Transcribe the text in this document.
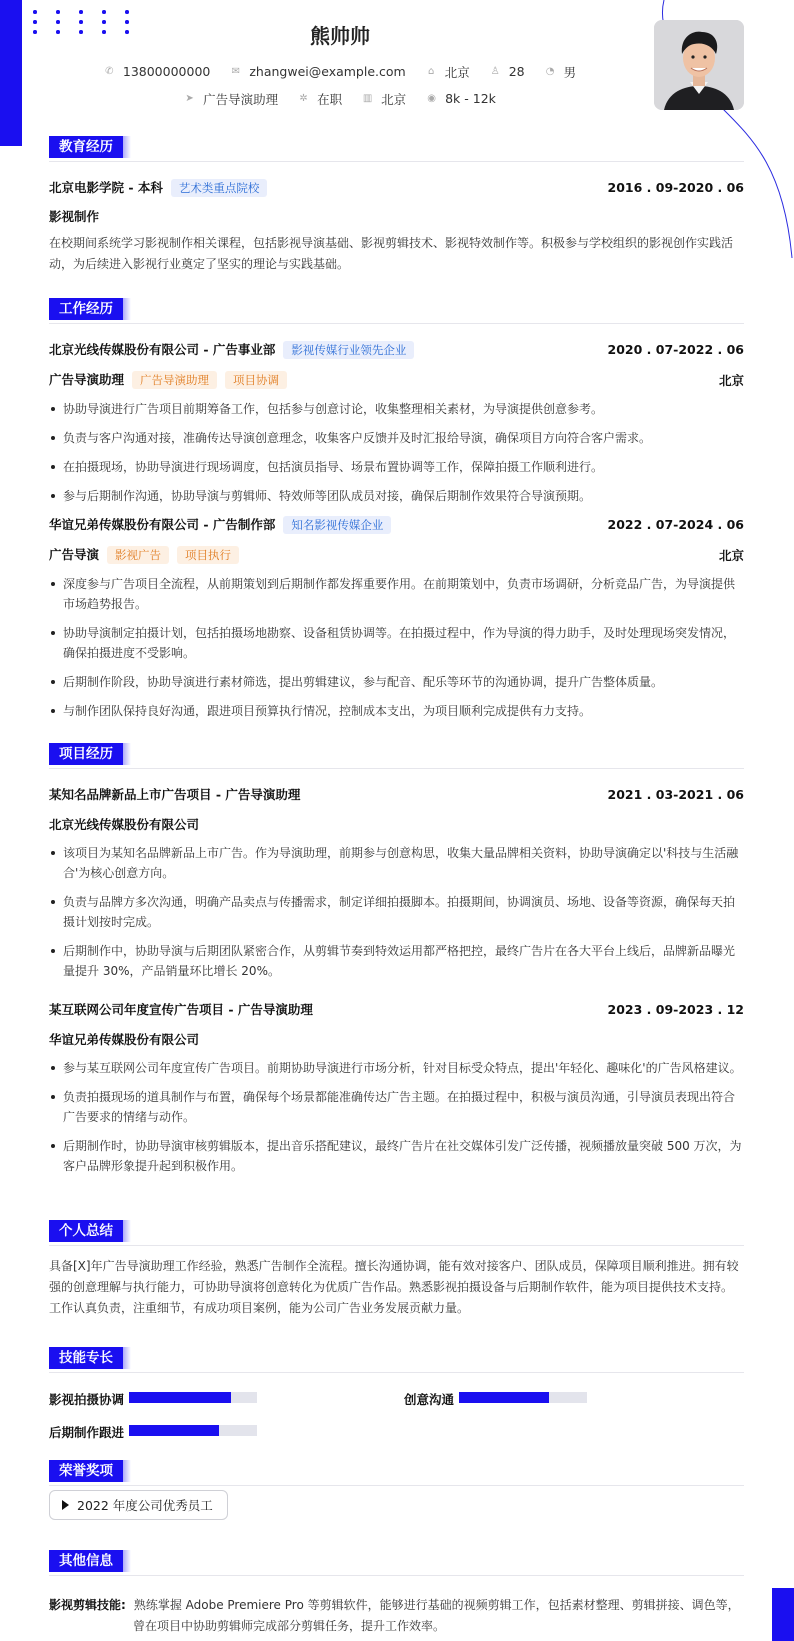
熊帅帅
✆ 13800000000
✉ zhangwei@example.com
⌂ 北京
♙ 28
◔ 男
➤ 广告导演助理
✲ 在职
▥ 北京
◉ 8k - 12k
教育经历
北京电影学院 - 本科 艺术类重点院校	2016 . 09-2020 . 06
影视制作
在校期间系统学习影视制作相关课程，包括影视导演基础、影视剪辑技术、影视特效制作等。积极参与学校组织的影视创作实践活动，为后续进入影视行业奠定了坚实的理论与实践基础。
工作经历
北京光线传媒股份有限公司 - 广告事业部 影视传媒行业领先企业	2020 . 07-2022 . 06
广告导演助理 广告导演助理 项目协调	北京
协助导演进行广告项目前期筹备工作，包括参与创意讨论，收集整理相关素材，为导演提供创意参考。
负责与客户沟通对接，准确传达导演创意理念，收集客户反馈并及时汇报给导演，确保项目方向符合客户需求。
在拍摄现场，协助导演进行现场调度，包括演员指导、场景布置协调等工作，保障拍摄工作顺利进行。
参与后期制作沟通，协助导演与剪辑师、特效师等团队成员对接，确保后期制作效果符合导演预期。
华谊兄弟传媒股份有限公司 - 广告制作部 知名影视传媒企业	2022 . 07-2024 . 06
广告导演 影视广告 项目执行	北京
深度参与广告项目全流程，从前期策划到后期制作都发挥重要作用。在前期策划中，负责市场调研，分析竞品广告，为导演提供市场趋势报告。
协助导演制定拍摄计划，包括拍摄场地勘察、设备租赁协调等。在拍摄过程中，作为导演的得力助手，及时处理现场突发情况，确保拍摄进度不受影响。
后期制作阶段，协助导演进行素材筛选，提出剪辑建议，参与配音、配乐等环节的沟通协调，提升广告整体质量。
与制作团队保持良好沟通，跟进项目预算执行情况，控制成本支出，为项目顺利完成提供有力支持。
项目经历
某知名品牌新品上市广告项目 - 广告导演助理	2021 . 03-2021 . 06
北京光线传媒股份有限公司
该项目为某知名品牌新品上市广告。作为导演助理，前期参与创意构思，收集大量品牌相关资料，协助导演确定以'科技与生活融合'为核心创意方向。
负责与品牌方多次沟通，明确产品卖点与传播需求，制定详细拍摄脚本。拍摄期间，协调演员、场地、设备等资源，确保每天拍摄计划按时完成。
后期制作中，协助导演与后期团队紧密合作，从剪辑节奏到特效运用都严格把控，最终广告片在各大平台上线后，品牌新品曝光量提升 30%，产品销量环比增长 20%。
某互联网公司年度宣传广告项目 - 广告导演助理	2023 . 09-2023 . 12
华谊兄弟传媒股份有限公司
参与某互联网公司年度宣传广告项目。前期协助导演进行市场分析，针对目标受众特点，提出'年轻化、趣味化'的广告风格建议。
负责拍摄现场的道具制作与布置，确保每个场景都能准确传达广告主题。在拍摄过程中，积极与演员沟通，引导演员表现出符合广告要求的情绪与动作。
后期制作时，协助导演审核剪辑版本，提出音乐搭配建议，最终广告片在社交媒体引发广泛传播，视频播放量突破 500 万次，为客户品牌形象提升起到积极作用。
个人总结
具备[X]年广告导演助理工作经验，熟悉广告制作全流程。擅长沟通协调，能有效对接客户、团队成员，保障项目顺利推进。拥有较强的创意理解与执行能力，可协助导演将创意转化为优质广告作品。熟悉影视拍摄设备与后期制作软件，能为项目提供技术支持。工作认真负责，注重细节，有成功项目案例，能为公司广告业务发展贡献力量。
技能专长
影视拍摄协调	创意沟通
后期制作跟进
荣誉奖项
2022 年度公司优秀员工
其他信息
影视剪辑技能: 熟练掌握 Adobe Premiere Pro 等剪辑软件，能够进行基础的视频剪辑工作，包括素材整理、剪辑拼接、调色等，
曾在项目中协助剪辑师完成部分剪辑任务，提升工作效率。
